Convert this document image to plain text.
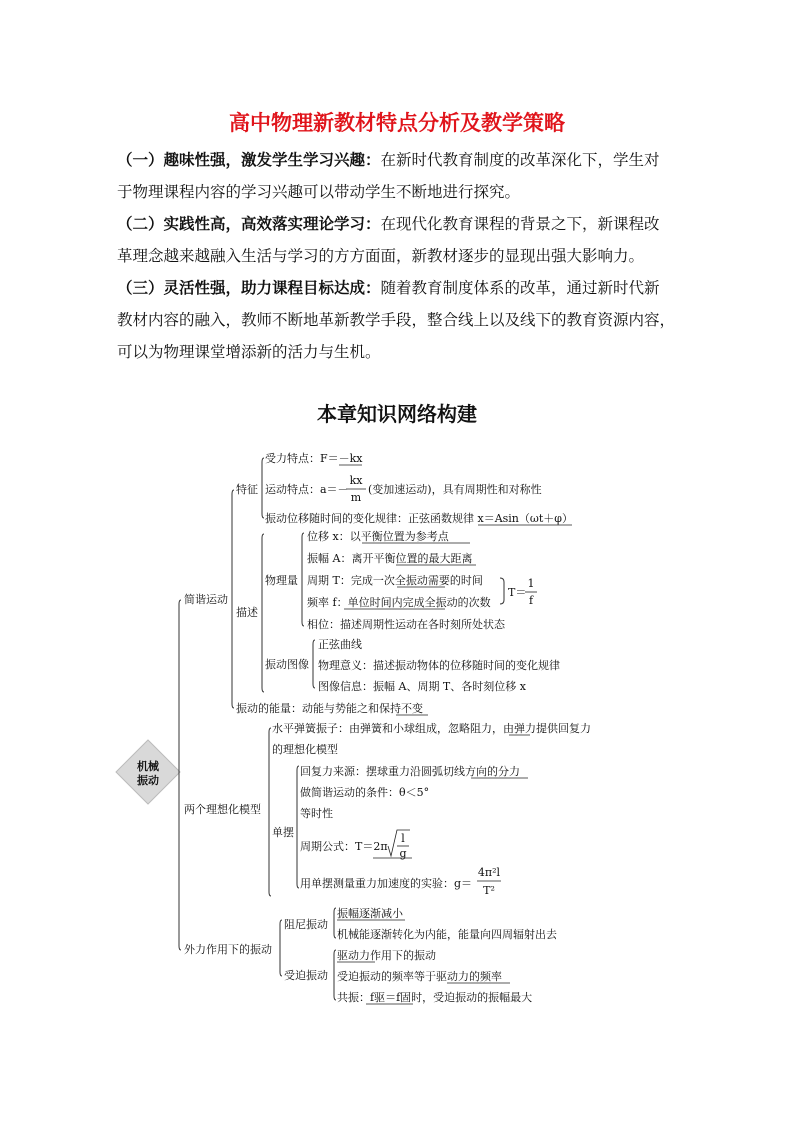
高中物理新教材特点分析及教学策略
（一）趣味性强，激发学生学习兴趣：在新时代教育制度的改革深化下，学生对
于物理课程内容的学习兴趣可以带动学生不断地进行探究。
（二）实践性高，高效落实理论学习：在现代化教育课程的背景之下，新课程改
革理念越来越融入生活与学习的方方面面，新教材逐步的显现出强大影响力。
（三）灵活性强，助力课程目标达成：随着教育制度体系的改革，通过新时代新
教材内容的融入，教师不断地革新教学手段，整合线上以及线下的教育资源内容，
可以为物理课堂增添新的活力与生机。
本章知识网络构建
机械
振动
简谐运动
两个理想化模型
外力作用下的振动
特征
描述
振动的能量：动能与势能之和保持不变
受力特点：F＝－kx
运动特点：a＝－
kx
m
(变加速运动)，具有周期性和对称性
振动位移随时间的变化规律：正弦函数规律 x＝Asin（ωt＋φ）
物理量
振动图像
位移 x：以平衡位置为参考点
振幅 A：离开平衡位置的最大距离
周期 T：完成一次全振动需要的时间
频率 f：单位时间内完成全振动的次数
相位：描述周期性运动在各时刻所处状态
T＝
1
f
正弦曲线
物理意义：描述振动物体的位移随时间的变化规律
图像信息：振幅 A、周期 T、各时刻位移 x
水平弹簧振子：由弹簧和小球组成，忽略阻力，由弹力提供回复力
的理想化模型
单摆
回复力来源：摆球重力沿圆弧切线方向的分力
做简谐运动的条件：θ＜5°
等时性
周期公式：T＝2π
l
g
用单摆测量重力加速度的实验：g＝
4π²l
T²
阻尼振动
受迫振动
振幅逐渐减小
机械能逐渐转化为内能，能量向四周辐射出去
驱动力作用下的振动
受迫振动的频率等于驱动力的频率
共振：f驱＝f固时，受迫振动的振幅最大
